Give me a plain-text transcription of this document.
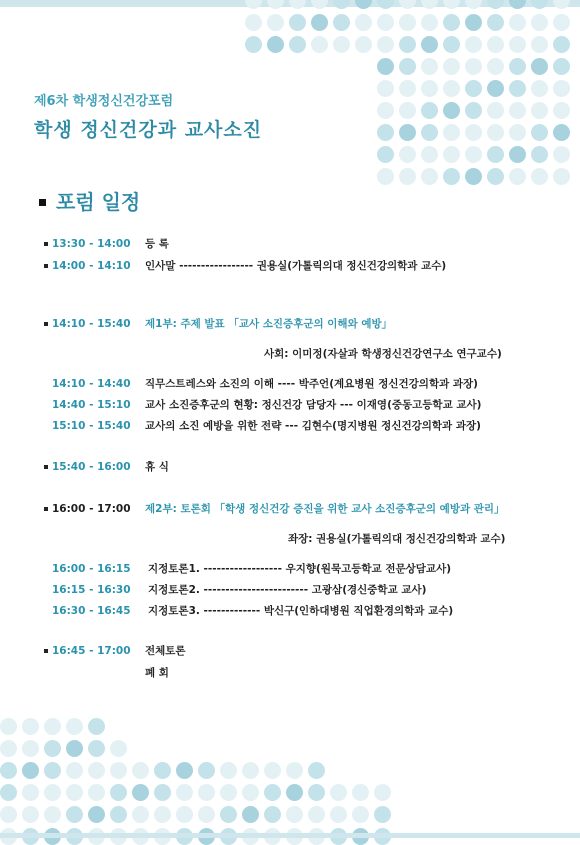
제6차 학생정신건강포럼
학생 정신건강과 교사소진
포럼 일정
13:30 - 14:00 등 록
14:00 - 14:10 인사말 ----------------- 권용실(가톨릭의대 정신건강의학과 교수)
14:10 - 15:40 제1부: 주제 발표 「교사 소진증후군의 이해와 예방」
사회: 이미정(자살과 학생정신건강연구소 연구교수)
14:10 - 14:40 직무스트레스와 소진의 이해 ---- 박주언(계요병원 정신건강의학과 과장)
14:40 - 15:10 교사 소진증후군의 현황: 정신건강 담당자 --- 이재영(중동고등학교 교사)
15:10 - 15:40 교사의 소진 예방을 위한 전략 --- 김현수(명지병원 정신건강의학과 과장)
15:40 - 16:00 휴 식
16:00 - 17:00 제2부: 토론회 「학생 정신건강 증진을 위한 교사 소진증후군의 예방과 관리」
좌장: 권용실(가톨릭의대 정신건강의학과 교수)
16:00 - 16:15 지정토론1. ------------------ 우지향(원묵고등학교 전문상담교사)
16:15 - 16:30 지정토론2. ------------------------ 고광삼(경신중학교 교사)
16:30 - 16:45 지정토론3. ------------- 박신구(인하대병원 직업환경의학과 교수)
16:45 - 17:00 전체토론
폐 회
